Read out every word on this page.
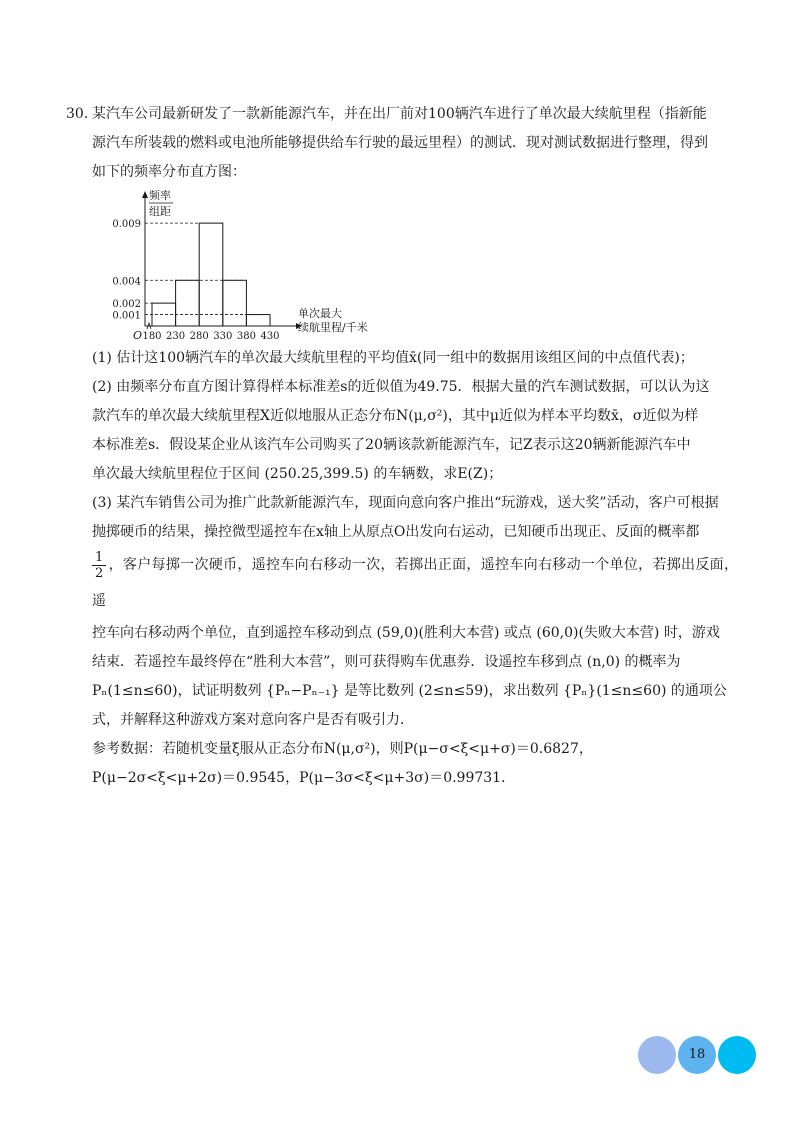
30. 某汽车公司最新研发了一款新能源汽车，并在出厂前对100辆汽车进行了单次最大续航里程（指新能
源汽车所装载的燃料或电池所能够提供给车行驶的最远里程）的测试．现对测试数据进行整理，得到
如下的频率分布直方图：
0.009
0.004
0.002
0.001
180 230 280 330 380 430
O
频率
组距
单次最大
续航里程/千米

(1) 估计这100辆汽车的单次最大续航里程的平均值x̄(同一组中的数据用该组区间的中点值代表)；

(2) 由频率分布直方图计算得样本标准差s的近似值为49.75．根据大量的汽车测试数据，可以认为这

款汽车的单次最大续航里程X近似地服从正态分布N(μ,σ²)，其中μ近似为样本平均数x̄，σ近似为样

本标准差s．假设某企业从该汽车公司购买了20辆该款新能源汽车，记Z表示这20辆新能源汽车中

单次最大续航里程位于区间 (250.25,399.5) 的车辆数，求E(Z)；

(3) 某汽车销售公司为推广此款新能源汽车，现面向意向客户推出“玩游戏，送大奖”活动，客户可根据

抛掷硬币的结果，操控微型遥控车在x轴上从原点O出发向右运动，已知硬币出现正、反面的概率都

$\frac{1}{2}$ ，客户每掷一次硬币，遥控车向右移动一次，若掷出正面，遥控车向右移动一个单位，若掷出反面，遥

控车向右移动两个单位，直到遥控车移动到点 (59,0)(胜利大本营) 或点 (60,0)(失败大本营) 时，游戏

结束．若遥控车最终停在“胜利大本营”，则可获得购车优惠券．设遥控车移到点 (n,0) 的概率为

Pₙ(1≤n≤60)，试证明数列 {Pₙ−Pₙ₋₁} 是等比数列 (2≤n≤59)，求出数列 {Pₙ}(1≤n≤60) 的通项公

式，并解释这种游戏方案对意向客户是否有吸引力．

参考数据：若随机变量ξ服从正态分布N(μ,σ²)，则P(μ−σ<ξ<μ+σ)＝0.6827，

P(μ−2σ<ξ<μ+2σ)＝0.9545，P(μ−3σ<ξ<μ+3σ)＝0.99731．

18
